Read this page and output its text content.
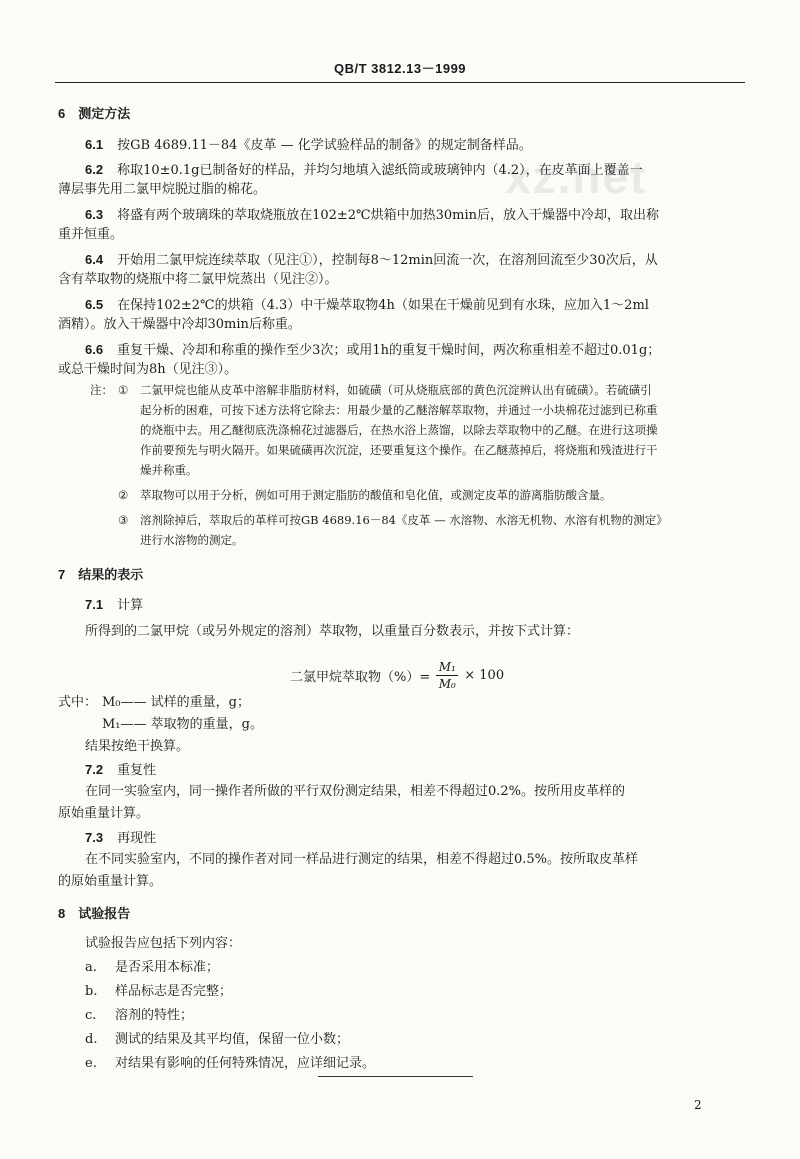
xz.net
QB/T 3812.13－1999
6　测定方法
6.1 按GB 4689.11－84《皮革 — 化学试验样品的制备》的规定制备样品。
6.2 称取10±0.1g已制备好的样品，并均匀地填入滤纸筒或玻璃钟内（4.2），在皮革面上覆盖一
薄层事先用二氯甲烷脱过脂的棉花。
6.3 将盛有两个玻璃珠的萃取烧瓶放在102±2℃烘箱中加热30min后，放入干燥器中冷却，取出称
重并恒重。
6.4 开始用二氯甲烷连续萃取（见注①），控制每8～12min回流一次，在溶剂回流至少30次后，从
含有萃取物的烧瓶中将二氯甲烷蒸出（见注②）。
6.5 在保持102±2℃的烘箱（4.3）中干燥萃取物4h（如果在干燥前见到有水珠，应加入1～2ml
酒精）。放入干燥器中冷却30min后称重。
6.6 重复干燥、冷却和称重的操作至少3次；或用1h的重复干燥时间，两次称重相差不超过0.01g；
或总干燥时间为8h（见注③）。
注： ① 二氯甲烷也能从皮革中溶解非脂肪材料，如硫磺（可从烧瓶底部的黄色沉淀辨认出有硫磺）。若硫磺引
起分析的困难，可按下述方法将它除去：用最少量的乙醚溶解萃取物，并通过一小块棉花过滤到已称重
的烧瓶中去。用乙醚彻底洗涤棉花过滤器后，在热水浴上蒸馏，以除去萃取物中的乙醚。在进行这项操
作前要预先与明火隔开。如果硫磺再次沉淀，还要重复这个操作。在乙醚蒸掉后，将烧瓶和残渣进行干
燥并称重。
② 萃取物可以用于分析，例如可用于测定脂肪的酸值和皂化值，或测定皮革的游离脂肪酸含量。
③ 溶剂除掉后，萃取后的革样可按GB 4689.16－84《皮革 — 水溶物、水溶无机物、水溶有机物的测定》
进行水溶物的测定。
7　结果的表示
7.1 计算
所得到的二氯甲烷（或另外规定的溶剂）萃取物，以重量百分数表示，并按下式计算：
二氯甲烷萃取物（%）= $\frac{\text{M₁}}{\text{M₀}} \times 100$
式中： M₀—— 试样的重量，g；
M₁—— 萃取物的重量，g。
结果按绝干换算。
7.2 重复性
在同一实验室内，同一操作者所做的平行双份测定结果，相差不得超过0.2%。按所用皮革样的
原始重量计算。
7.3 再现性
在不同实验室内，不同的操作者对同一样品进行测定的结果，相差不得超过0.5%。按所取皮革样
的原始重量计算。
8　试验报告
试验报告应包括下列内容：
a. 是否采用本标准；
b. 样品标志是否完整；
c. 溶剂的特性；
d. 测试的结果及其平均值，保留一位小数；
e. 对结果有影响的任何特殊情况，应详细记录。
2
